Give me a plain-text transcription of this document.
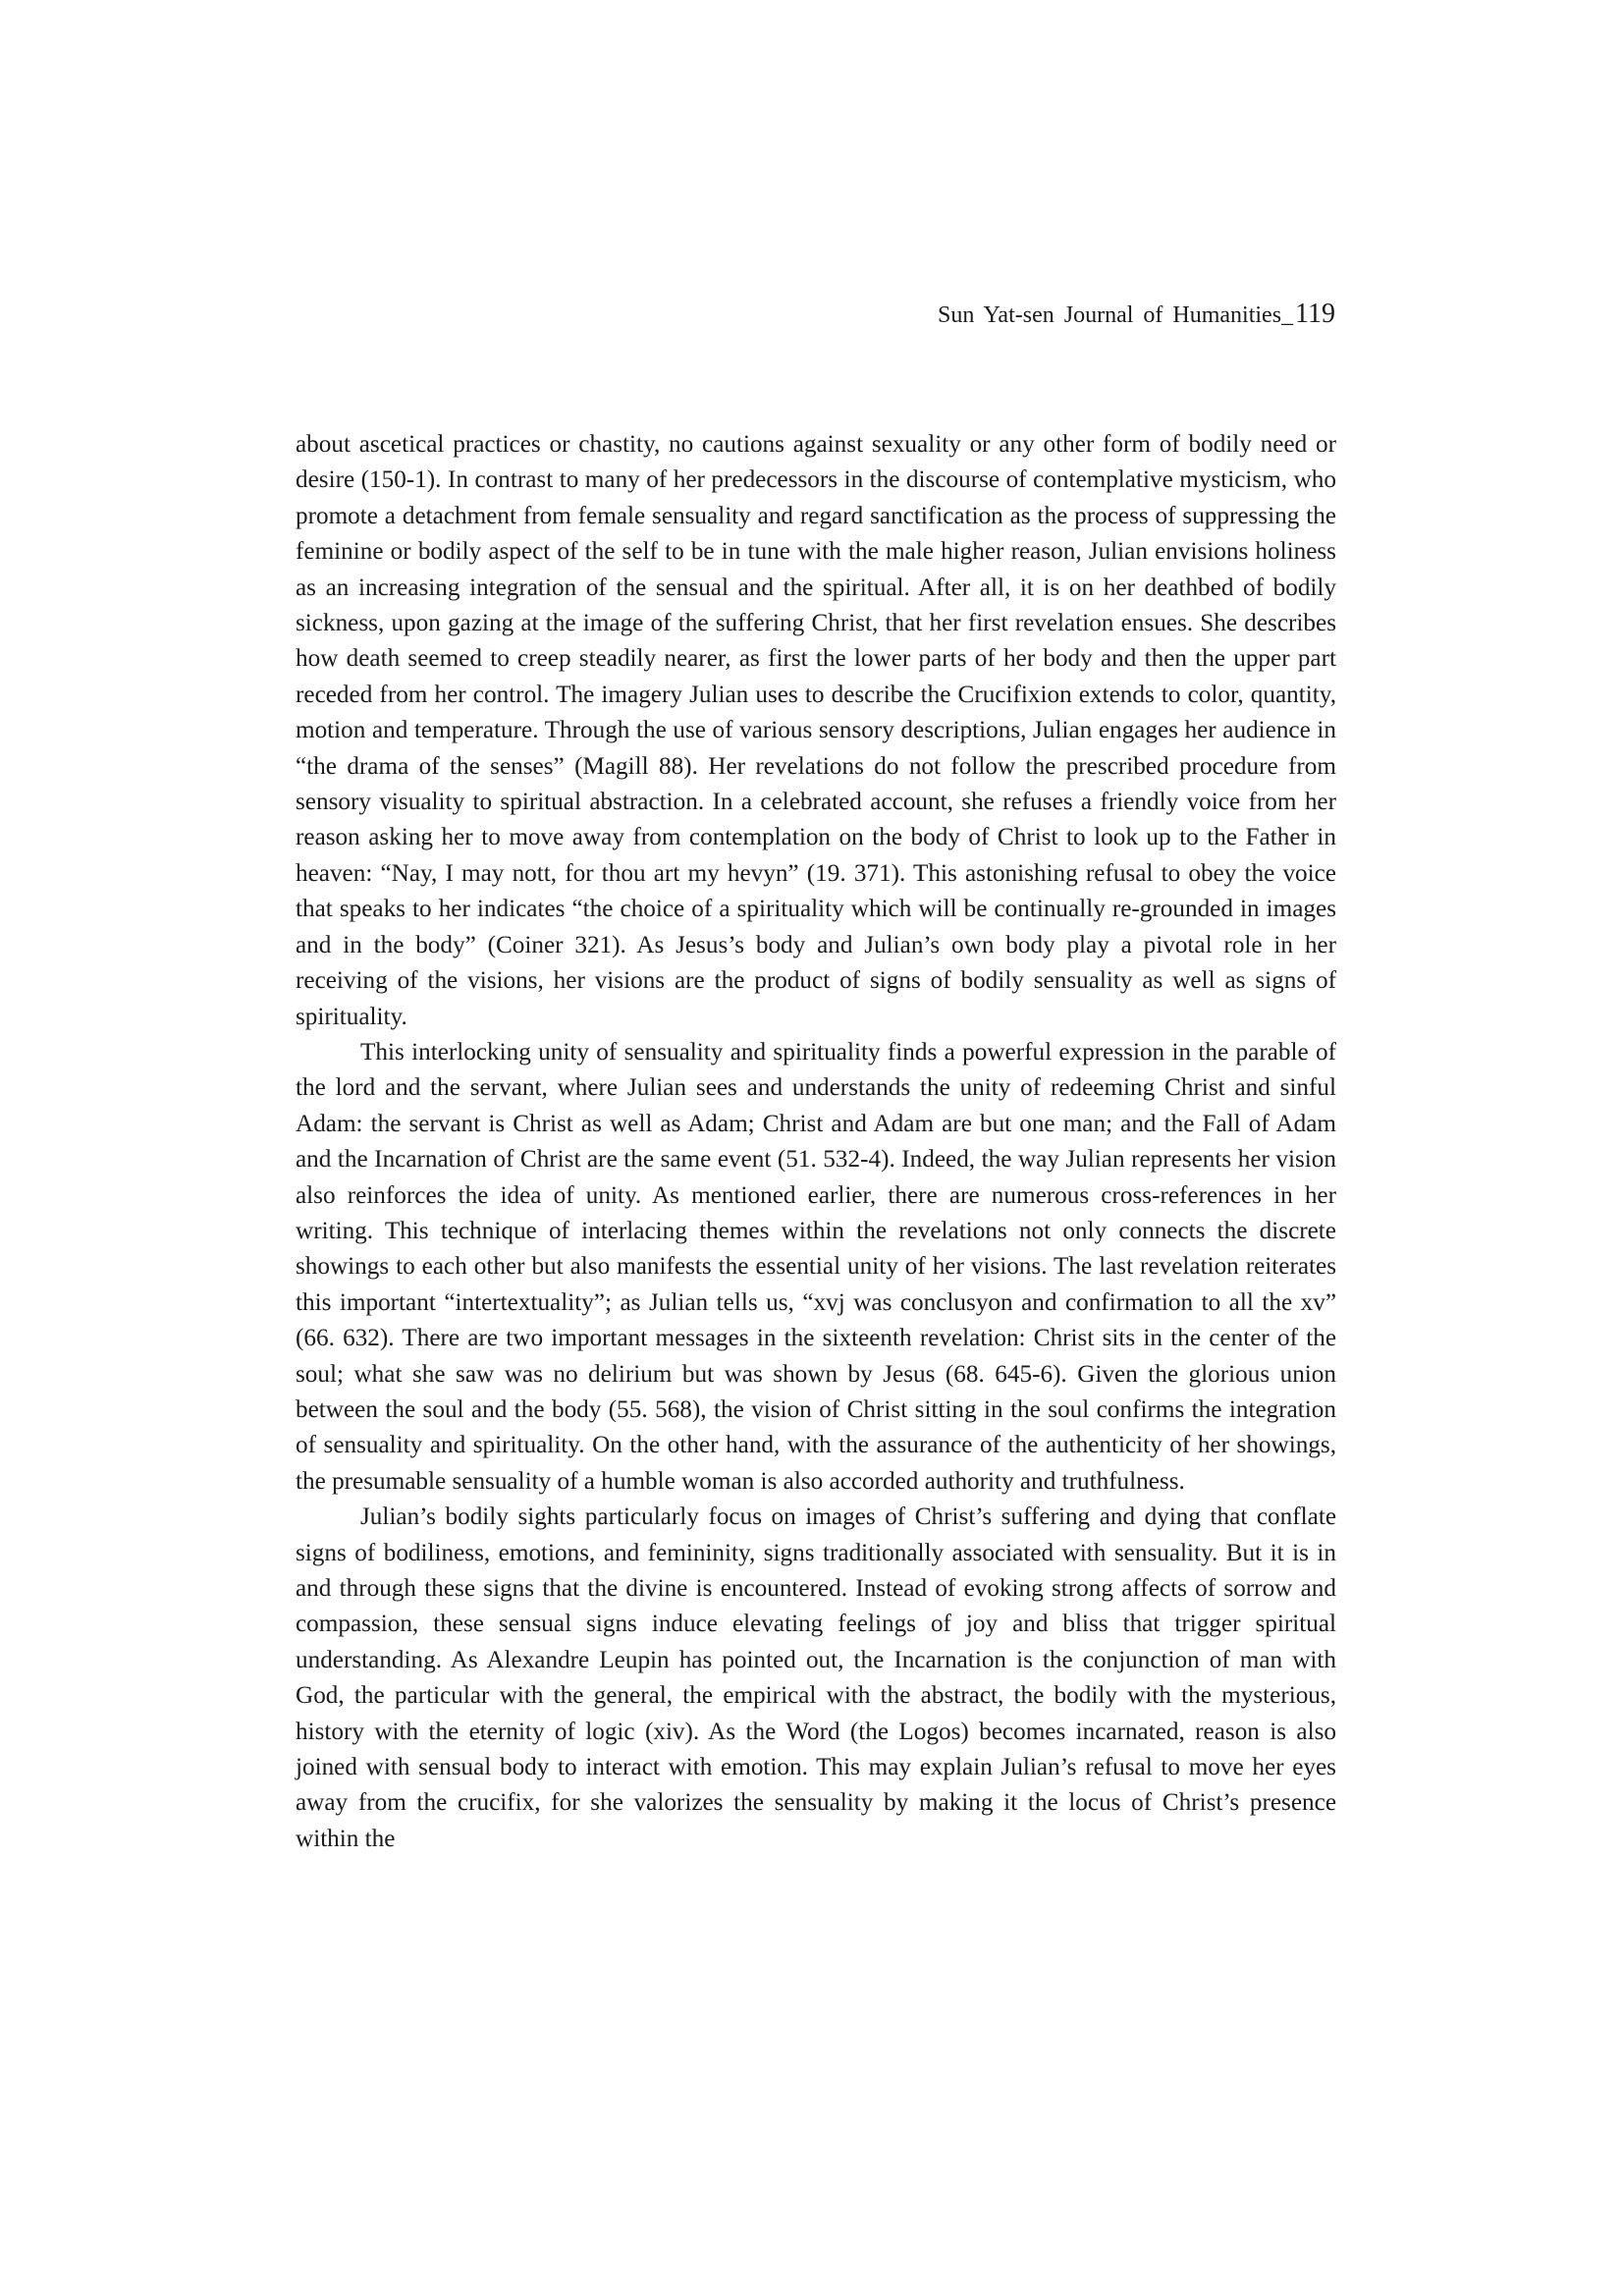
Sun Yat-sen Journal of Humanities_119

about ascetical practices or chastity, no cautions against sexuality or any other form of bodily need or desire (150-1). In contrast to many of her predecessors in the discourse of contemplative mysticism, who promote a detachment from female sensuality and regard sanctification as the process of suppressing the feminine or bodily aspect of the self to be in tune with the male higher reason, Julian envisions holiness as an increasing integration of the sensual and the spiritual. After all, it is on her deathbed of bodily sickness, upon gazing at the image of the suffering Christ, that her first revelation ensues. She describes how death seemed to creep steadily nearer, as first the lower parts of her body and then the upper part receded from her control. The imagery Julian uses to describe the Crucifixion extends to color, quantity, motion and temperature. Through the use of various sensory descriptions, Julian engages her audience in “the drama of the senses” (Magill 88). Her revelations do not follow the prescribed procedure from sensory visuality to spiritual abstraction. In a celebrated account, she refuses a friendly voice from her reason asking her to move away from contemplation on the body of Christ to look up to the Father in heaven: “Nay, I may nott, for thou art my hevyn” (19. 371). This astonishing refusal to obey the voice that speaks to her indicates “the choice of a spirituality which will be continually re-grounded in images and in the body” (Coiner 321). As Jesus’s body and Julian’s own body play a pivotal role in her receiving of the visions, her visions are the product of signs of bodily sensuality as well as signs of spirituality.

This interlocking unity of sensuality and spirituality finds a powerful expression in the parable of the lord and the servant, where Julian sees and understands the unity of redeeming Christ and sinful Adam: the servant is Christ as well as Adam; Christ and Adam are but one man; and the Fall of Adam and the Incarnation of Christ are the same event (51. 532-4). Indeed, the way Julian represents her vision also reinforces the idea of unity. As mentioned earlier, there are numerous cross-references in her writing. This technique of interlacing themes within the revelations not only connects the discrete showings to each other but also manifests the essential unity of her visions. The last revelation reiterates this important “intertextuality”; as Julian tells us, “xvj was conclusyon and confirmation to all the xv” (66. 632). There are two important messages in the sixteenth revelation: Christ sits in the center of the soul; what she saw was no delirium but was shown by Jesus (68. 645-6). Given the glorious union between the soul and the body (55. 568), the vision of Christ sitting in the soul confirms the integration of sensuality and spirituality. On the other hand, with the assurance of the authenticity of her showings, the presumable sensuality of a humble woman is also accorded authority and truthfulness.

Julian’s bodily sights particularly focus on images of Christ’s suffering and dying that conflate signs of bodiliness, emotions, and femininity, signs traditionally associated with sensuality. But it is in and through these signs that the divine is encountered. Instead of evoking strong affects of sorrow and compassion, these sensual signs induce elevating feelings of joy and bliss that trigger spiritual understanding. As Alexandre Leupin has pointed out, the Incarnation is the conjunction of man with God, the particular with the general, the empirical with the abstract, the bodily with the mysterious, history with the eternity of logic (xiv). As the Word (the Logos) becomes incarnated, reason is also joined with sensual body to interact with emotion. This may explain Julian’s refusal to move her eyes away from the crucifix, for she valorizes the sensuality by making it the locus of Christ’s presence within the
